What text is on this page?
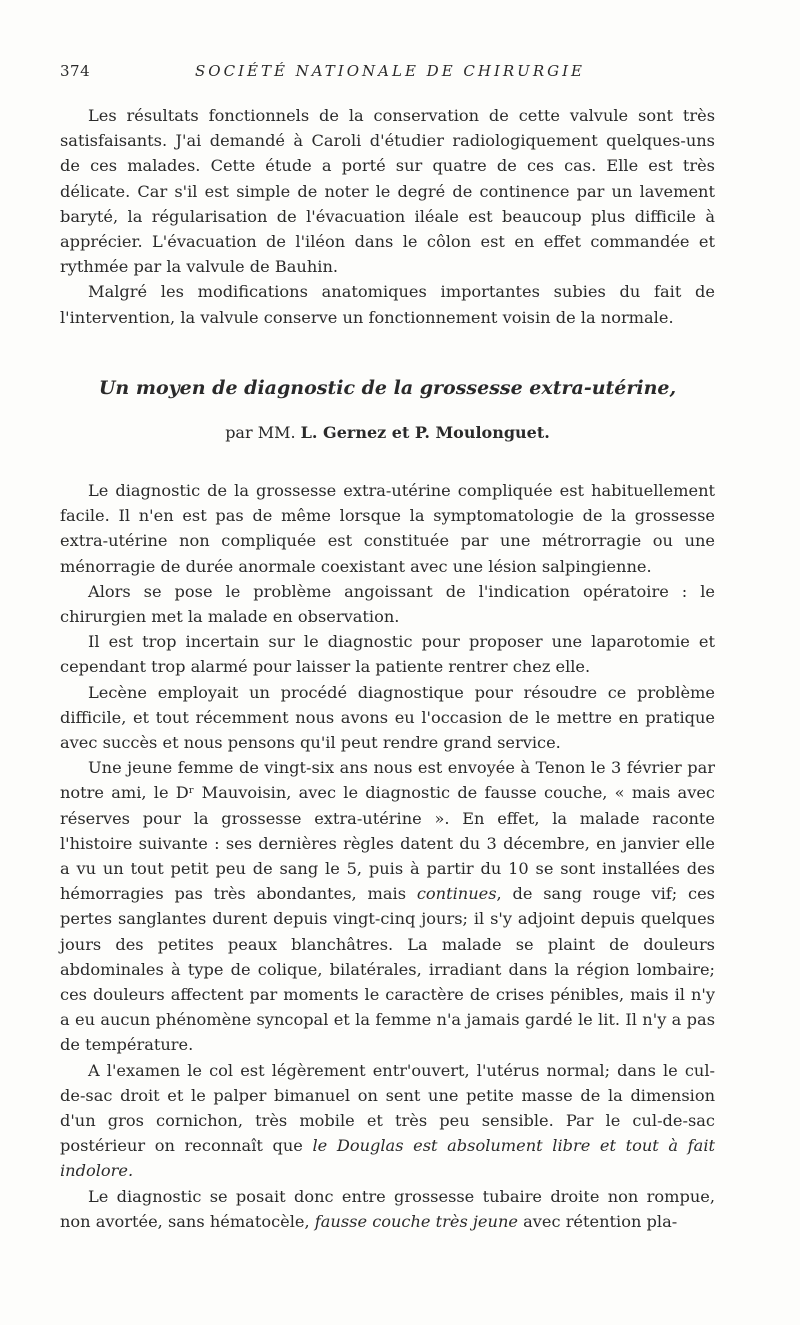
374	SOCIÉTÉ NATIONALE DE CHIRURGIE

Les résultats fonctionnels de la conservation de cette valvule sont très satisfaisants. J'ai demandé à Caroli d'étudier radiologiquement quelques-uns de ces malades. Cette étude a porté sur quatre de ces cas. Elle est très délicate. Car s'il est simple de noter le degré de continence par un lavement baryté, la régularisation de l'évacuation iléale est beaucoup plus difficile à apprécier. L'évacuation de l'iléon dans le côlon est en effet commandée et rythmée par la valvule de Bauhin.

Malgré les modifications anatomiques importantes subies du fait de l'intervention, la valvule conserve un fonctionnement voisin de la normale.

Un moyen de diagnostic de la grossesse extra-utérine,
par MM. L. Gernez et P. Moulonguet.

Le diagnostic de la grossesse extra-utérine compliquée est habituellement facile. Il n'en est pas de même lorsque la symptomatologie de la grossesse extra-utérine non compliquée est constituée par une métrorragie ou une ménorragie de durée anormale coexistant avec une lésion salpingienne.

Alors se pose le problème angoissant de l'indication opératoire : le chirurgien met la malade en observation.

Il est trop incertain sur le diagnostic pour proposer une laparotomie et cependant trop alarmé pour laisser la patiente rentrer chez elle.

Lecène employait un procédé diagnostique pour résoudre ce problème difficile, et tout récemment nous avons eu l'occasion de le mettre en pratique avec succès et nous pensons qu'il peut rendre grand service.

Une jeune femme de vingt-six ans nous est envoyée à Tenon le 3 février par notre ami, le Dʳ Mauvoisin, avec le diagnostic de fausse couche, « mais avec réserves pour la grossesse extra-utérine ». En effet, la malade raconte l'histoire suivante : ses dernières règles datent du 3 décembre, en janvier elle a vu un tout petit peu de sang le 5, puis à partir du 10 se sont installées des hémorragies pas très abondantes, mais continues, de sang rouge vif; ces pertes sanglantes durent depuis vingt-cinq jours; il s'y adjoint depuis quelques jours des petites peaux blanchâtres. La malade se plaint de douleurs abdominales à type de colique, bilatérales, irradiant dans la région lombaire; ces douleurs affectent par moments le caractère de crises pénibles, mais il n'y a eu aucun phénomène syncopal et la femme n'a jamais gardé le lit. Il n'y a pas de température.

A l'examen le col est légèrement entr'ouvert, l'utérus normal; dans le cul-de-sac droit et le palper bimanuel on sent une petite masse de la dimension d'un gros cornichon, très mobile et très peu sensible. Par le cul-de-sac postérieur on reconnaît que le Douglas est absolument libre et tout à fait indolore.

Le diagnostic se posait donc entre grossesse tubaire droite non rompue, non avortée, sans hématocèle, fausse couche très jeune avec rétention pla-
